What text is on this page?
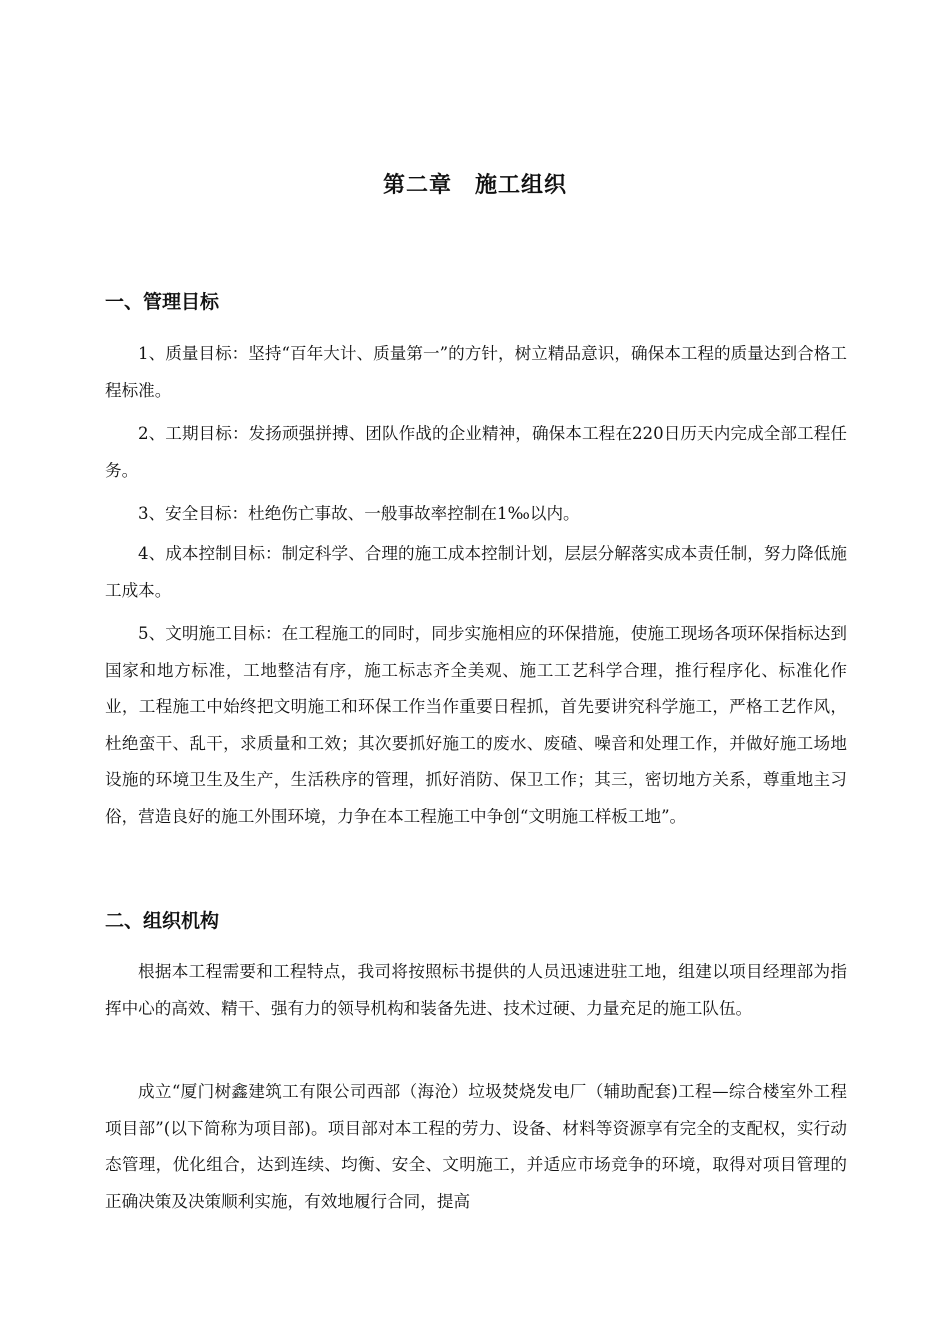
第二章　施工组织
一、管理目标

1、质量目标：坚持“百年大计、质量第一”的方针，树立精品意识，确保本工程的质量达到合格工程标准。

2、工期目标：发扬顽强拼搏、团队作战的企业精神，确保本工程在220日历天内完成全部工程任务。

3、安全目标：杜绝伤亡事故、一般事故率控制在1‰以内。

4、成本控制目标：制定科学、合理的施工成本控制计划，层层分解落实成本责任制，努力降低施工成本。

5、文明施工目标：在工程施工的同时，同步实施相应的环保措施，使施工现场各项环保指标达到国家和地方标准，工地整洁有序，施工标志齐全美观、施工工艺科学合理，推行程序化、标准化作业，工程施工中始终把文明施工和环保工作当作重要日程抓，首先要讲究科学施工，严格工艺作风，杜绝蛮干、乱干，求质量和工效；其次要抓好施工的废水、废碴、噪音和处理工作，并做好施工场地设施的环境卫生及生产，生活秩序的管理，抓好消防、保卫工作；其三，密切地方关系，尊重地主习俗，营造良好的施工外围环境，力争在本工程施工中争创“文明施工样板工地”。

二、组织机构

根据本工程需要和工程特点，我司将按照标书提供的人员迅速进驻工地，组建以项目经理部为指挥中心的高效、精干、强有力的领导机构和装备先进、技术过硬、力量充足的施工队伍。

成立“厦门树鑫建筑工有限公司西部（海沧）垃圾焚烧发电厂（辅助配套)工程—综合楼室外工程项目部”(以下简称为项目部)。项目部对本工程的劳力、设备、材料等资源享有完全的支配权，实行动态管理，优化组合，达到连续、均衡、安全、文明施工，并适应市场竞争的环境，取得对项目管理的正确决策及决策顺利实施，有效地履行合同，提高
